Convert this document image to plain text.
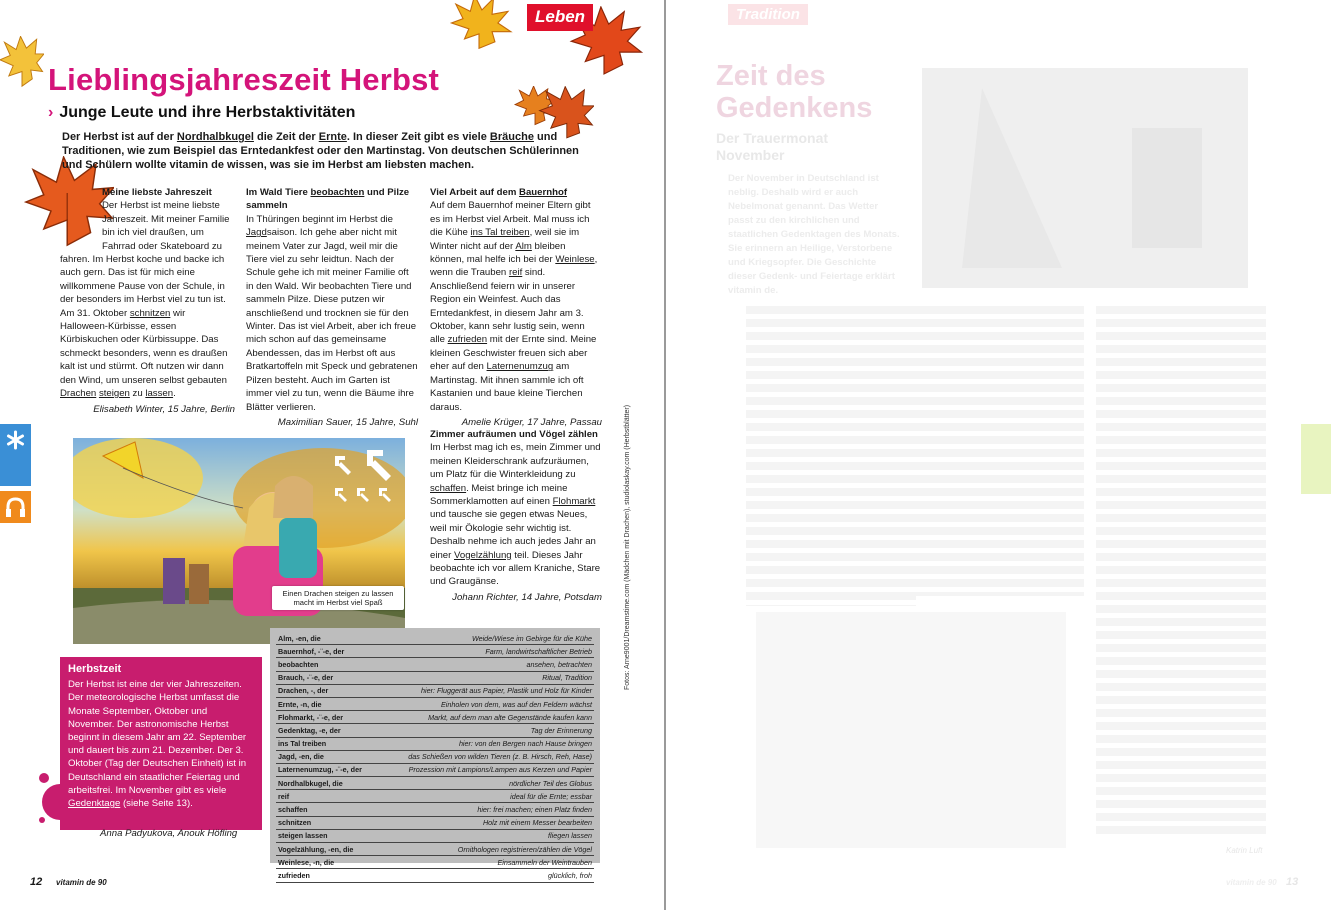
Leben
Lieblingsjahreszeit Herbst
› Junge Leute und ihre Herbstaktivitäten
Der Herbst ist auf der Nordhalbkugel die Zeit der Ernte. In dieser Zeit gibt es viele Bräuche und Traditionen, wie zum Beispiel das Erntedankfest oder den Martinstag. Von deutschen Schülerinnen und Schülern wollte vitamin de wissen, was sie im Herbst am liebsten machen.
Meine liebste Jahreszeit

Der Herbst ist meine liebste Jahreszeit. Mit meiner Familie bin ich viel draußen, um Fahrrad oder Skateboard zu fahren. Im Herbst koche und backe ich auch gern. Das ist für mich eine willkommene Pause von der Schule, in der besonders im Herbst viel zu tun ist. Am 31. Oktober schnitzen wir Halloween-Kürbisse, essen Kürbiskuchen oder Kürbissuppe. Das schmeckt besonders, wenn es draußen kalt ist und stürmt. Oft nutzen wir dann den Wind, um unseren selbst gebauten Drachen steigen zu lassen.

Elisabeth Winter, 15 Jahre, Berlin
Im Wald Tiere beobachten und Pilze sammeln

In Thüringen beginnt im Herbst die Jagdsaison. Ich gehe aber nicht mit meinem Vater zur Jagd, weil mir die Tiere viel zu sehr leidtun. Nach der Schule gehe ich mit meiner Familie oft in den Wald. Wir beobachten Tiere und sammeln Pilze. Diese putzen wir anschließend und trocknen sie für den Winter. Das ist viel Arbeit, aber ich freue mich schon auf das gemeinsame Abendessen, das im Herbst oft aus Bratkartoffeln mit Speck und gebratenen Pilzen besteht. Auch im Garten ist immer viel zu tun, wenn die Bäume ihre Blätter verlieren.

Maximilian Sauer, 15 Jahre, Suhl
Viel Arbeit auf dem Bauernhof

Auf dem Bauernhof meiner Eltern gibt es im Herbst viel Arbeit. Mal muss ich die Kühe ins Tal treiben, weil sie im Winter nicht auf der Alm bleiben können, mal helfe ich bei der Weinlese, wenn die Trauben reif sind. Anschließend feiern wir in unserer Region ein Weinfest. Auch das Erntedankfest, in diesem Jahr am 3. Oktober, kann sehr lustig sein, wenn alle zufrieden mit der Ernte sind. Meine kleinen Geschwister freuen sich aber eher auf den Laternenumzug am Martinstag. Mit ihnen sammle ich oft Kastanien und baue kleine Tierchen daraus.

Amelie Krüger, 17 Jahre, Passau
Zimmer aufräumen und Vögel zählen

Im Herbst mag ich es, mein Zimmer und meinen Kleiderschrank aufzuräumen, um Platz für die Winterkleidung zu schaffen. Meist bringe ich meine Sommerklamotten auf einen Flohmarkt und tausche sie gegen etwas Neues, weil mir Ökologie sehr wichtig ist. Deshalb nehme ich auch jedes Jahr an einer Vogelzählung teil. Dieses Jahr beobachte ich vor allem Kraniche, Stare und Graugänse.

Johann Richter, 14 Jahre, Potsdam
Einen Drachen steigen zu lassen macht im Herbst viel Spaß
Herbstzeit
Der Herbst ist eine der vier Jahreszeiten. Der meteorologische Herbst umfasst die Monate September, Oktober und November. Der astronomische Herbst beginnt in diesem Jahr am 22. September und dauert bis zum 21. Dezember. Der 3. Oktober (Tag der Deutschen Einheit) ist in Deutschland ein staatlicher Feiertag und arbeitsfrei. Im November gibt es viele Gedenktage (siehe Seite 13).
Anna Padyukova, Anouk Höfling
Alm, -en, die	Weide/Wiese im Gebirge für die Kühe
Bauernhof, -¨-e, der	Farm, landwirtschaftlicher Betrieb
beobachten	ansehen, betrachten
Brauch, -¨-e, der	Ritual, Tradition
Drachen, -, der	hier: Fluggerät aus Papier, Plastik und Holz für Kinder
Ernte, -n, die	Einholen von dem, was auf den Feldern wächst
Flohmarkt, -¨-e, der	Markt, auf dem man alte Gegenstände kaufen kann
Gedenktag, -e, der	Tag der Erinnerung
ins Tal treiben	hier: von den Bergen nach Hause bringen
Jagd, -en, die	das Schießen von wilden Tieren (z. B. Hirsch, Reh, Hase)
Laternenumzug, -¨-e, der	Prozession mit Lampions/Lampen aus Kerzen und Papier
Nordhalbkugel, die	nördlicher Teil des Globus
reif	ideal für die Ernte; essbar
schaffen	hier: frei machen; einen Platz finden
schnitzen	Holz mit einem Messer bearbeiten
steigen lassen	fliegen lassen
Vogelzählung, -en, die	Ornithologen registrieren/zählen die Vögel
Weinlese, -n, die	Einsammeln der Weintrauben
zufrieden	glücklich, froh
Fotos: Arne9001/Dreamstime.com (Mädchen mit Drachen), studiolaskay.com (Herbstblätter)
12 vitamin de 90
Tradition
Zeit des Gedenkens
Der Trauermonat November
Der November in Deutschland ist neblig. Deshalb wird er auch Nebelmonat genannt. Das Wetter passt zu den kirchlichen und staatlichen Gedenktagen des Monats. Sie erinnern an Heilige, Verstorbene und Kriegsopfer. Die Geschichte dieser Gedenk- und Feiertage erklärt vitamin de.
Katrin Luft
vitamin de 90 13
